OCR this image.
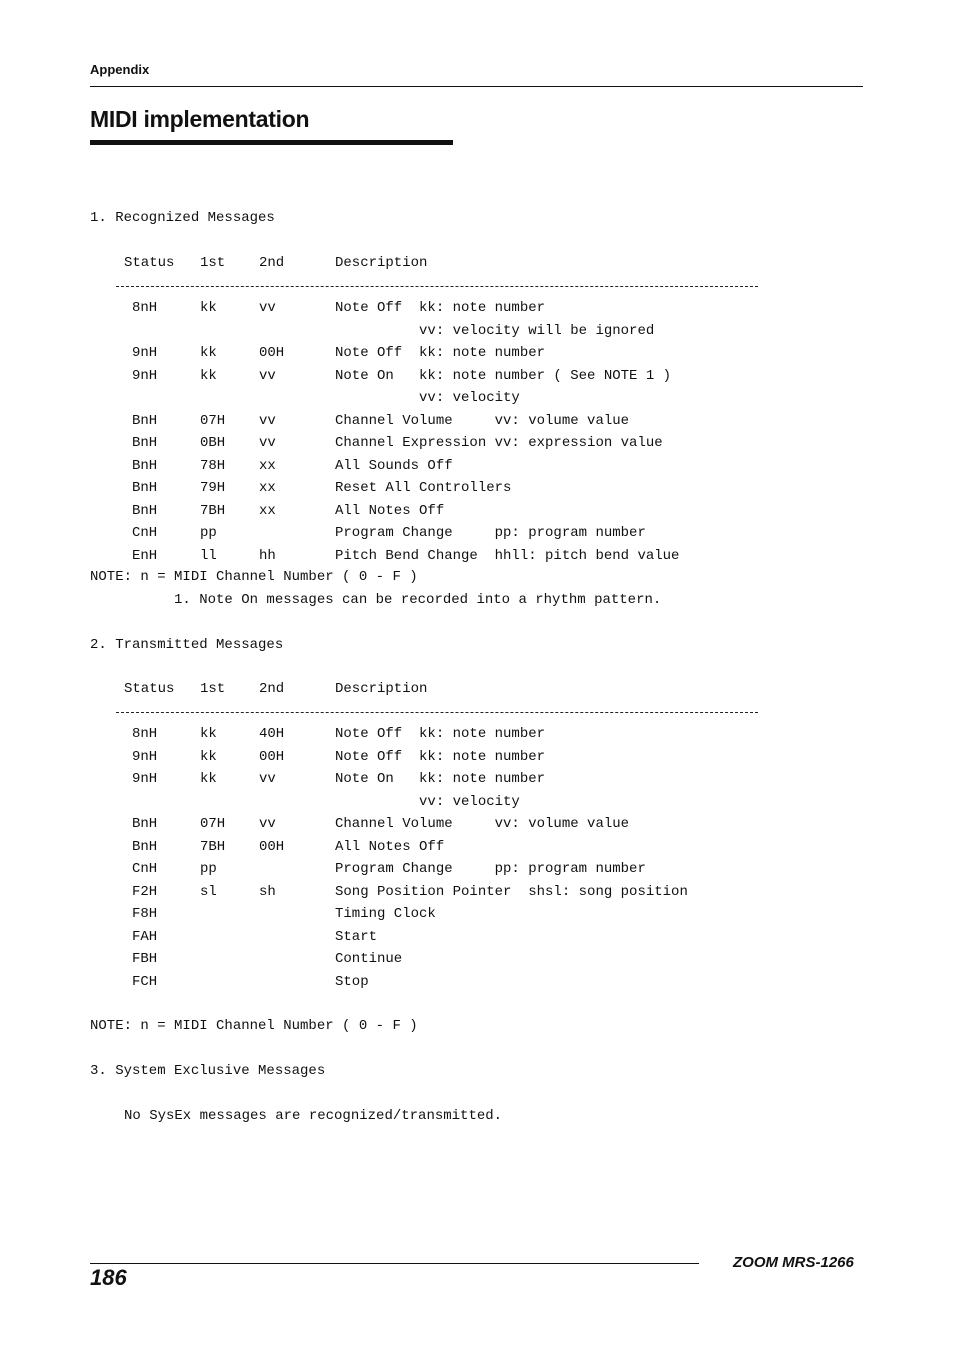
Appendix
MIDI implementation
1. Recognized Messages
Status 1st 2nd	Description
8nH	kk	vv	Note Off  kk: note number
vv: velocity will be ignored
9nH	kk	00H	Note Off  kk: note number
9nH	kk	vv	Note On   kk: note number ( See NOTE 1 )
vv: velocity
BnH	07H vv	Channel Volume     vv: volume value
BnH	0BH vv	Channel Expression vv: expression value
BnH	78H xx	All Sounds Off
BnH	79H xx	Reset All Controllers
BnH	7BH xx	All Notes Off
CnH	pp	Program Change     pp: program number
EnH	ll	hh	Pitch Bend Change  hhll: pitch bend value
NOTE: n = MIDI Channel Number ( 0 - F )
1. Note On messages can be recorded into a rhythm pattern.
2. Transmitted Messages
Status 1st 2nd	Description
8nH	kk	40H	Note Off  kk: note number
9nH	kk	00H	Note Off  kk: note number
9nH	kk	vv	Note On   kk: note number
vv: velocity
BnH	07H vv	Channel Volume     vv: volume value
BnH	7BH 00H	All Notes Off
CnH	pp	Program Change     pp: program number
F2H	sl	sh	Song Position Pointer  shsl: song position
F8H	Timing Clock
FAH	Start
FBH	Continue
FCH	Stop
NOTE: n = MIDI Channel Number ( 0 - F )
3. System Exclusive Messages
No SysEx messages are recognized/transmitted.
186
ZOOM MRS-1266
